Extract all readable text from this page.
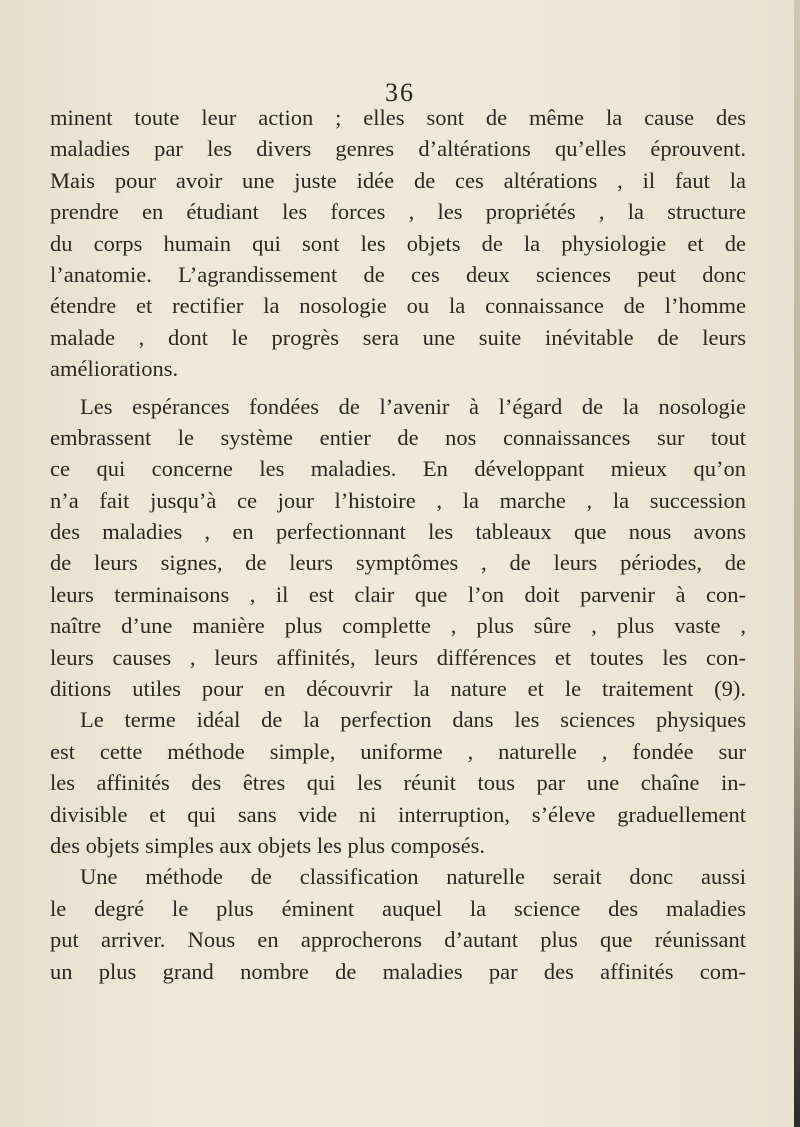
36
minent toute leur action ; elles sont de même la cause des
maladies par les divers genres d’altérations qu’elles éprouvent.
Mais pour avoir une juste idée de ces altérations , il faut la
prendre en étudiant les forces , les propriétés , la structure
du corps humain qui sont les objets de la physiologie et de
l’anatomie. L’agrandissement de ces deux sciences peut donc
étendre et rectifier la nosologie ou la connaissance de l’homme
malade , dont le progrès sera une suite inévitable de leurs
améliorations.
Les espérances fondées de l’avenir à l’égard de la nosologie
embrassent le système entier de nos connaissances sur tout
ce qui concerne les maladies. En développant mieux qu’on
n’a fait jusqu’à ce jour l’histoire , la marche , la succession
des maladies , en perfectionnant les tableaux que nous avons
de leurs signes, de leurs symptômes , de leurs périodes, de
leurs terminaisons , il est clair que l’on doit parvenir à con-
naître d’une manière plus complette , plus sûre , plus vaste ,
leurs causes , leurs affinités, leurs différences et toutes les con-
ditions utiles pour en découvrir la nature et le traitement (9).
Le terme idéal de la perfection dans les sciences physiques
est cette méthode simple, uniforme , naturelle , fondée sur
les affinités des êtres qui les réunit tous par une chaîne in-
divisible et qui sans vide ni interruption, s’éleve graduellement
des objets simples aux objets les plus composés.
Une méthode de classification naturelle serait donc aussi
le degré le plus éminent auquel la science des maladies
put arriver. Nous en approcherons d’autant plus que réunissant
un plus grand nombre de maladies par des affinités com-
